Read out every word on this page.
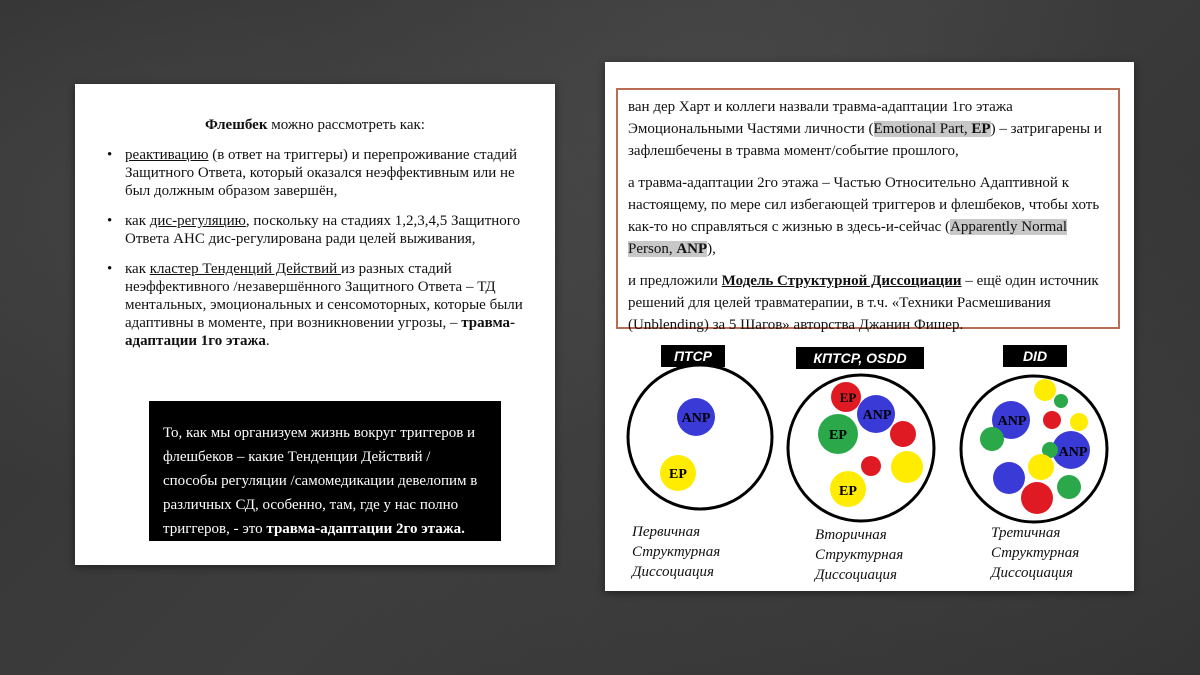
Флешбек можно рассмотреть как:
• реактивацию (в ответ на триггеры) и перепроживание стадий Защитного Ответа, который оказался неэффективным или не был должным образом завершён,
• как дис-регуляцию, поскольку на стадиях 1,2,3,4,5 Защитного Ответа АНС дис-регулирована ради целей выживания,
• как кластер Тенденций Действий из разных стадий неэффективного /незавершённого Защитного Ответа – ТД ментальных, эмоциональных и сенсомоторных, которые были адаптивны в моменте, при возникновении угрозы, – травма-адаптации 1го этажа.
То, как мы организуем жизнь вокруг триггеров и флешбеков – какие Тенденции Действий / способы регуляции /самомедикации девелопим в различных СД, особенно, там, где у нас полно триггеров, - это травма-адаптации 2го этажа.

ван дер Харт и коллеги назвали травма-адаптации 1го этажа Эмоциональными Частями личности (Emotional Part, EP) – затригарены и зафлешбечены в травма момент/событие прошлого,

а травма-адаптации 2го этажа – Частью Относительно Адаптивной к настоящему, по мере сил избегающей триггеров и флешбеков, чтобы хоть как-то но справляться с жизнью в здесь-и-сейчас (Apparently Normal Person, ANP),

и предложили Модель Структурной Диссоциации – ещё один источник решений для целей травматерапии, в т.ч. «Техники Расмешивания (Unblending) за 5 Шагов» авторства Джанин Фишер.

ПТСР	КПТСР, OSDD	DID
ANP
EP
EP
ANP
EP
EP
ANP
ANP
Первичная
Структурная
Диссоциация
Вторичная
Структурная
Диссоциация
Третичная
Структурная
Диссоциация
